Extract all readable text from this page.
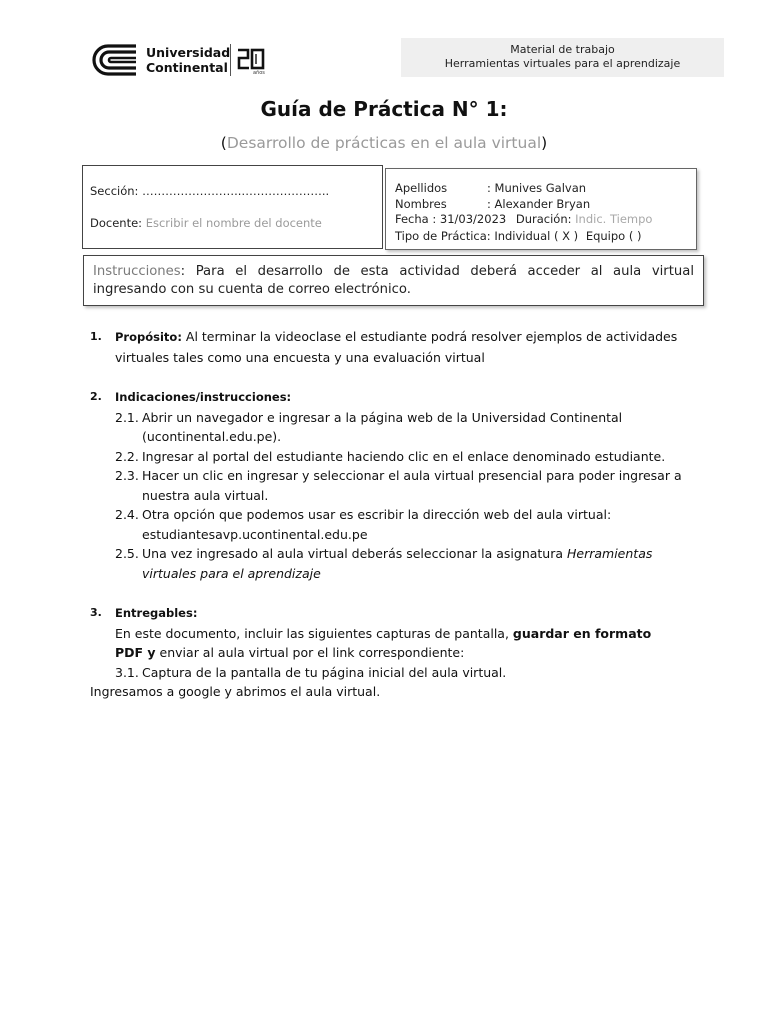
Universidad
Continental	años
Material de trabajo
Herramientas virtuales para el aprendizaje
Guía de Práctica N° 1:
(Desarrollo de prácticas en el aula virtual)
Sección: ……………………..…………………..
Docente: Escribir el nombre del docente
Apellidos	: Munives Galvan
Nombres	: Alexander Bryan
Fecha : 31/03/2023 Duración: Indic. Tiempo
Tipo de Práctica: Individual ( X ) Equipo ( )
Instrucciones: Para el desarrollo de esta actividad deberá acceder al aula virtual ingresando con su cuenta de correo electrónico.
1. Propósito: Al terminar la videoclase el estudiante podrá resolver ejemplos de actividades virtuales tales como una encuesta y una evaluación virtual
2. Indicaciones/instrucciones:
2.1. Abrir un navegador e ingresar a la página web de la Universidad Continental (ucontinental.edu.pe).
2.2. Ingresar al portal del estudiante haciendo clic en el enlace denominado estudiante.
2.3. Hacer un clic en ingresar y seleccionar el aula virtual presencial para poder ingresar a nuestra aula virtual.
2.4. Otra opción que podemos usar es escribir la dirección web del aula virtual: estudiantesavp.ucontinental.edu.pe
2.5. Una vez ingresado al aula virtual deberás seleccionar la asignatura Herramientas virtuales para el aprendizaje
3. Entregables:
En este documento, incluir las siguientes capturas de pantalla, guardar en formato PDF y enviar al aula virtual por el link correspondiente:
3.1. Captura de la pantalla de tu página inicial del aula virtual.
Ingresamos a google y abrimos el aula virtual.
